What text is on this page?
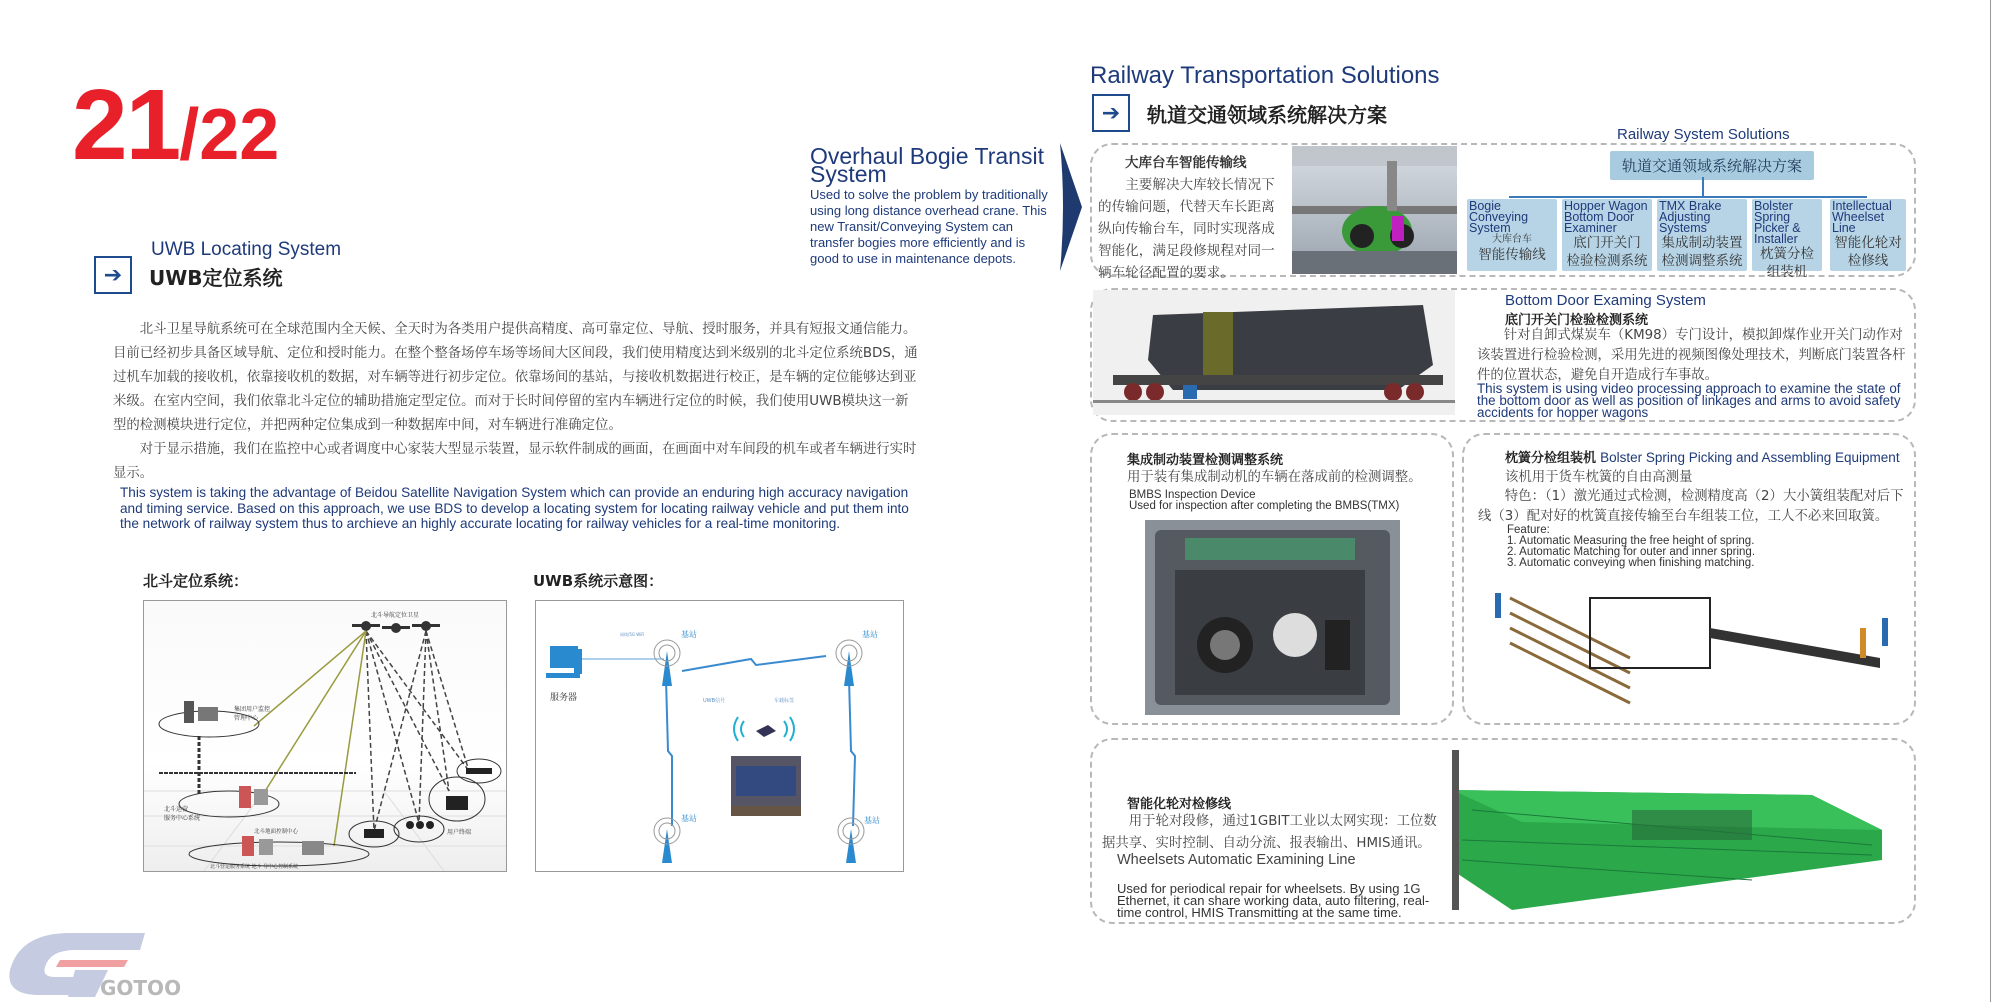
21/22
UWB Locating System
➔	UWB定位系统

北斗卫星导航系统可在全球范围内全天候、全天时为各类用户提供高精度、高可靠定位、导航、授时服务，并具有短报文通信能力。目前已经初步具备区域导航、定位和授时能力。在整个整备场停车场等场间大区间段，我们使用精度达到米级别的北斗定位系统BDS，通过机车加载的接收机，依靠接收机的数据，对车辆等进行初步定位。依靠场间的基站，与接收机数据进行校正，是车辆的定位能够达到亚米级。在室内空间，我们依靠北斗定位的辅助措施定型定位。而对于长时间停留的室内车辆进行定位的时候，我们使用UWB模块这一新型的检测模块进行定位，并把两种定位集成到一种数据库中间，对车辆进行准确定位。

对于显示措施，我们在监控中心或者调度中心家装大型显示装置，显示软件制成的画面，在画面中对车间段的机车或者车辆进行实时显示。

This system is taking the advantage of Beidou Satellite Navigation System which can provide an enduring high accuracy navigation and timing service. Based on this approach, we use BDS to develop a locating system for locating railway vehicle and put them into the network of railway system thus to archieve an highly accurate locating for railway vehicles for a real-time monitoring.
北斗定位系统：	UWB系统示意图：
北斗导航定位卫星
集团用户监控
管理中心
北斗运营
服务中心系统
北斗地面控制中心
北斗营运服务系统 地斗 导中心控制系统
用户终端
服务器
网线/5G WiFi	基站	基站
基站	基站
UWB信号	车载标签
GOTOO
Overhaul Bogie Transit System
Used to solve the problem by traditionally using long distance overhead crane. This new Transit/Conveying System can transfer bogies more efficiently and is good to use in maintenance depots.
Railway Transportation Solutions
➔	轨道交通领域系统解决方案
大库台车智能传输线
主要解决大库较长情况下的传输问题，代替天车长距离纵向传输台车，同时实现落成智能化，满足段修规程对同一辆车轮径配置的要求。
Railway System Solutions
轨道交通领域系统解决方案
Bogie Conveying System
大库台车
智能传输线
Hopper Wagon Bottom Door Examiner
底门开关门
检验检测系统
TMX Brake Adjusting Systems
集成制动装置
检测调整系统
Bolster Spring Picker & Installer
枕簧分检
组装机
Intellectual Wheelset Line
智能化轮对
检修线
Bottom Door Examing System
底门开关门检验检测系统
针对自卸式煤炭车（KM98）专门设计，模拟卸煤作业开关门动作对该装置进行检验检测，采用先进的视频图像处理技术，判断底门装置各杆件的位置状态，避免自开造成行车事故。
This system is using video processing approach to examine the state of the bottom door as well as position of linkages and arms to avoid safety accidents for hopper wagons
集成制动装置检测调整系统
用于装有集成制动机的车辆在落成前的检测调整。
BMBS Inspection Device
Used for inspection after completing the BMBS(TMX)
枕簧分检组装机 Bolster Spring Picking and Assembling Equipment
该机用于货车枕簧的自由高测量
特色：（1）激光通过式检测，检测精度高（2）大小簧组装配对后下线（3）配对好的枕簧直接传输至台车组装工位，工人不必来回取簧。
Feature:
1. Automatic Measuring the free height of spring.
2. Automatic Matching for outer and inner spring.
3. Automatic conveying when finishing matching.
智能化轮对检修线
用于轮对段修，通过1GBIT工业以太网实现：工位数据共享、实时控制、自动分流、报表输出、HMIS通讯。
Wheelsets Automatic Examining Line
Used for periodical repair for wheelsets. By using 1G Ethernet, it can share working data, auto filtering, real-time control, HMIS Transmitting at the same time.
